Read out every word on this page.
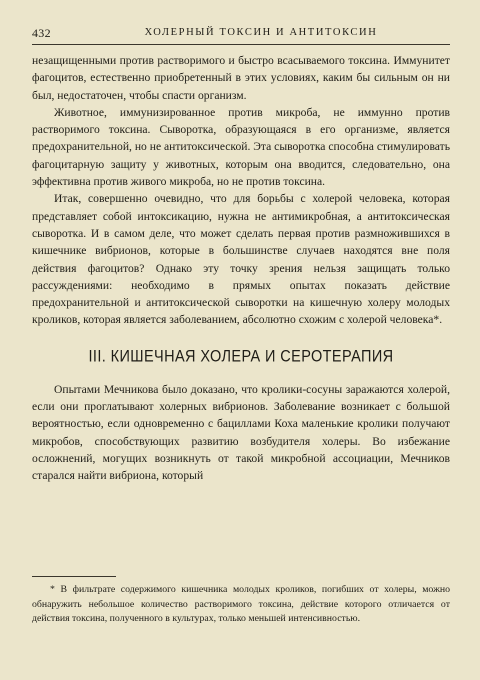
432	ХОЛЕРНЫЙ ТОКСИН И АНТИТОКСИН

незащищенными против растворимого и быстро всасываемого токсина. Иммунитет фагоцитов, естественно приобретенный в этих условиях, каким бы сильным он ни был, недостаточен, чтобы спасти организм.

Животное, иммунизированное против микроба, не иммунно против растворимого токсина. Сыворотка, образующаяся в его организме, является предохранительной, но не антитоксической. Эта сыворотка способна стимулировать фагоцитарную защиту у животных, которым она вводится, следовательно, она эффективна против живого микроба, но не против токсина.

Итак, совершенно очевидно, что для борьбы с холерой человека, которая представляет собой интоксикацию, нужна не антимикробная, а антитоксическая сыворотка. И в самом деле, что может сделать первая против размножившихся в кишечнике вибрионов, которые в большинстве случаев находятся вне поля действия фагоцитов? Однако эту точку зрения нельзя защищать только рассуждениями: необходимо в прямых опытах показать действие предохранительной и антитоксической сыворотки на кишечную холеру молодых кроликов, которая является заболеванием, абсолютно схожим с холерой человека*.

III. КИШЕЧНАЯ ХОЛЕРА И СЕРОТЕРАПИЯ

Опытами Мечникова было доказано, что кролики-сосуны заражаются холерой, если они проглатывают холерных вибрионов. Заболевание возникает с большой вероятностью, если одновременно с бациллами Коха маленькие кролики получают микробов, способствующих развитию возбудителя холеры. Во избежание осложнений, могущих возникнуть от такой микробной ассоциации, Мечников старался найти вибриона, который

* В фильтрате содержимого кишечника молодых кроликов, погибших от холеры, можно обнаружить небольшое количество растворимого токсина, действие которого отличается от действия токсина, полученного в культурах, только меньшей интенсивностью.
